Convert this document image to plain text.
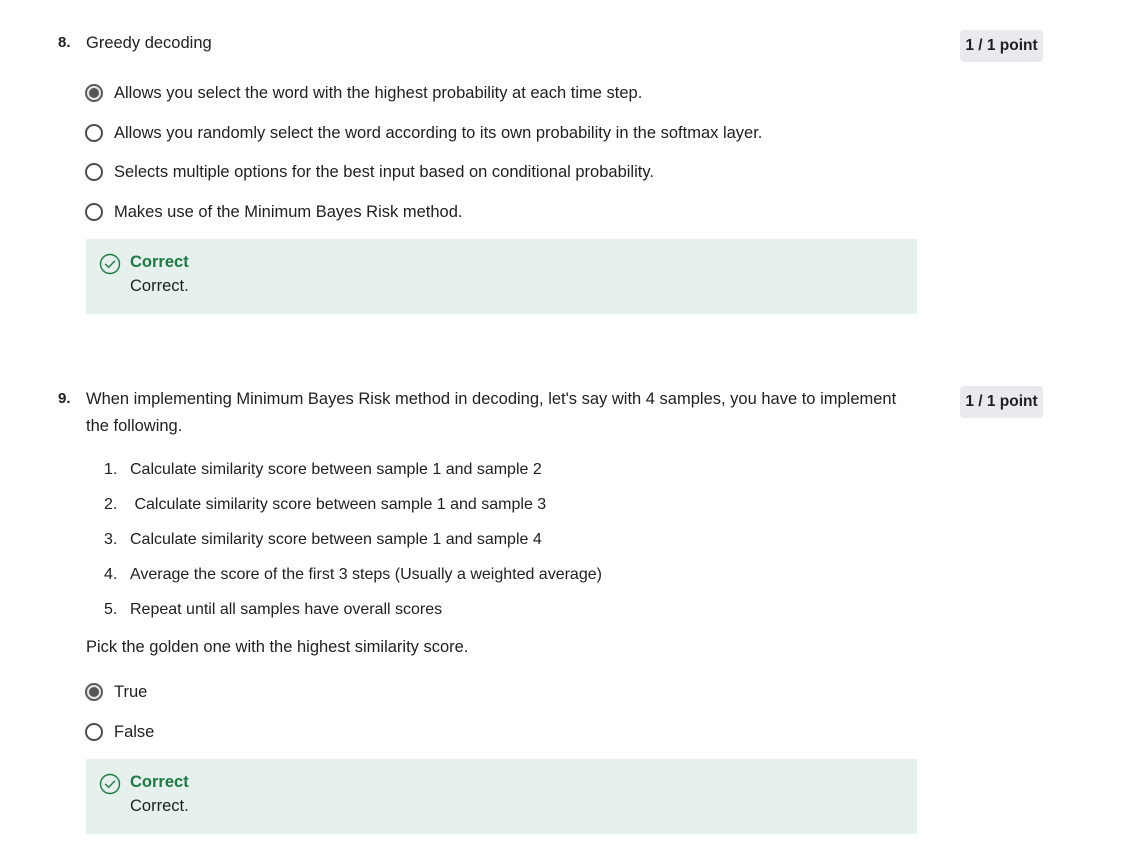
8. Greedy decoding	1 / 1 point
Allows you select the word with the highest probability at each time step.
Allows you randomly select the word according to its own probability in the softmax layer.
Selects multiple options for the best input based on conditional probability.
Makes use of the Minimum Bayes Risk method.
Correct
Correct.
9. When implementing Minimum Bayes Risk method in decoding, let's say with 4 samples, you have to implement
the following.
1 / 1 point
1. Calculate similarity score between sample 1 and sample 2
2. Calculate similarity score between sample 1 and sample 3
3. Calculate similarity score between sample 1 and sample 4
4. Average the score of the first 3 steps (Usually a weighted average)
5. Repeat until all samples have overall scores
Pick the golden one with the highest similarity score.
True
False
Correct
Correct.
